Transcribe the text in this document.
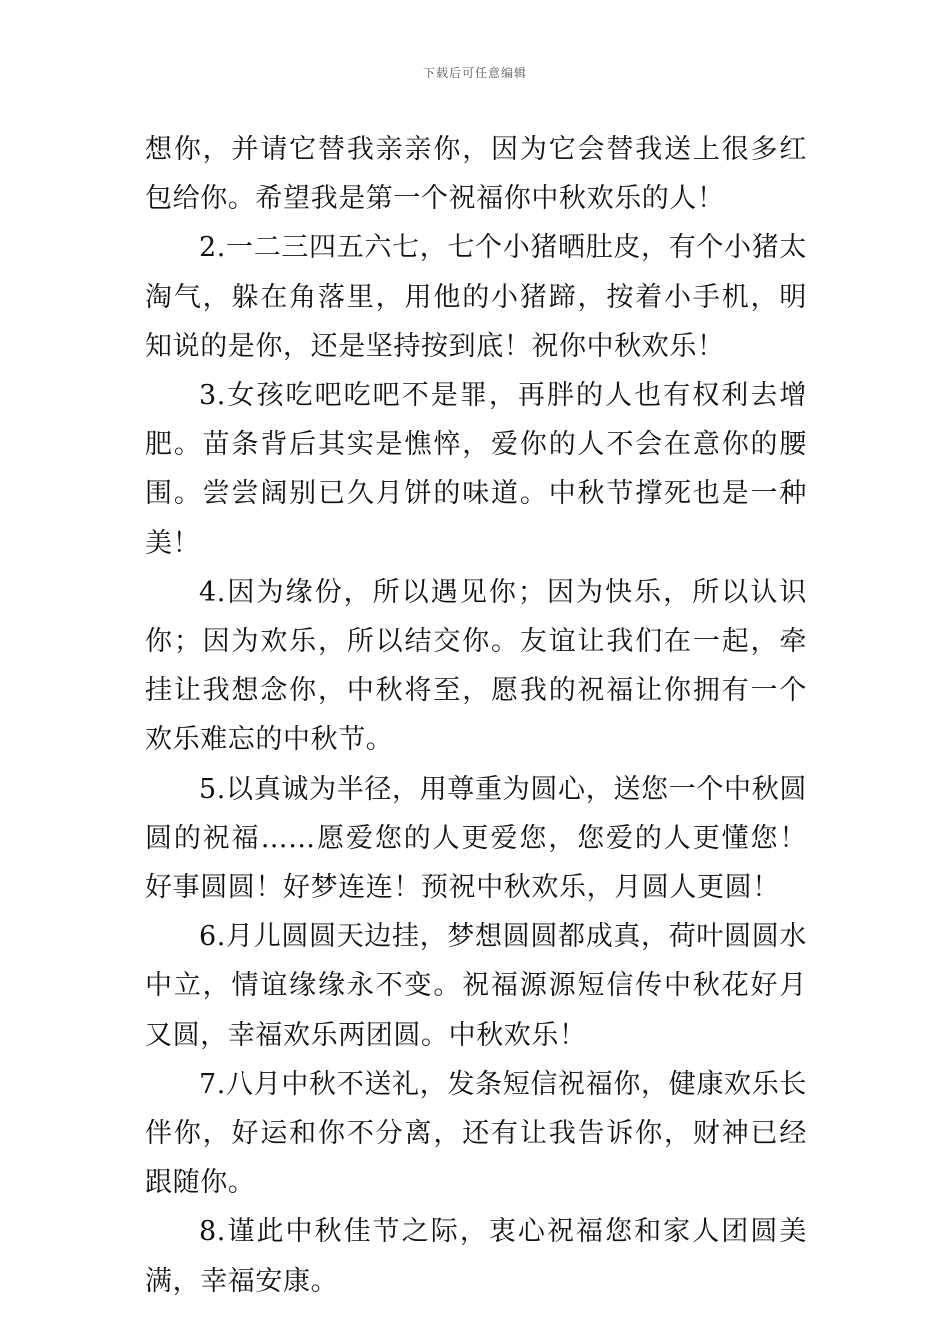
下载后可任意编辑

想你，并请它替我亲亲你，因为它会替我送上很多红包给你。希望我是第一个祝福你中秋欢乐的人！

2.一二三四五六七，七个小猪晒肚皮，有个小猪太淘气，躲在角落里，用他的小猪蹄，按着小手机，明知说的是你，还是坚持按到底！祝你中秋欢乐！

3.女孩吃吧吃吧不是罪，再胖的人也有权利去增肥。苗条背后其实是憔悴，爱你的人不会在意你的腰围。尝尝阔别已久月饼的味道。中秋节撑死也是一种美！

4.因为缘份，所以遇见你；因为快乐，所以认识你；因为欢乐，所以结交你。友谊让我们在一起，牵挂让我想念你，中秋将至，愿我的祝福让你拥有一个欢乐难忘的中秋节。

5.以真诚为半径，用尊重为圆心，送您一个中秋圆圆的祝福……愿爱您的人更爱您，您爱的人更懂您！好事圆圆！好梦连连！预祝中秋欢乐，月圆人更圆！

6.月儿圆圆天边挂，梦想圆圆都成真，荷叶圆圆水中立，情谊缘缘永不变。祝福源源短信传中秋花好月又圆，幸福欢乐两团圆。中秋欢乐！

7.八月中秋不送礼，发条短信祝福你，健康欢乐长伴你，好运和你不分离，还有让我告诉你，财神已经跟随你。

8.谨此中秋佳节之际，衷心祝福您和家人团圆美满，幸福安康。
